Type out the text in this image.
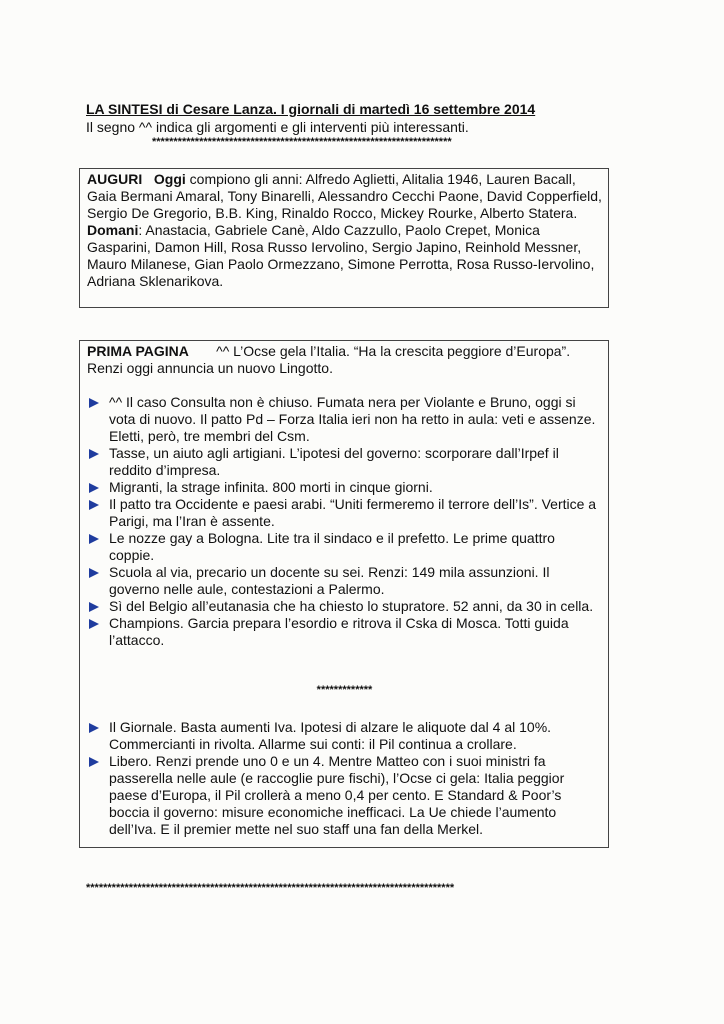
LA SINTESI di Cesare Lanza. I giornali di martedì 16 settembre 2014
Il segno ^^ indica gli argomenti e gli interventi più interessanti.
**********************************************************************

AUGURI Oggi compiono gli anni: Alfredo Aglietti, Alitalia 1946, Lauren Bacall, Gaia Bermani Amaral, Tony Binarelli, Alessandro Cecchi Paone, David Copperfield, Sergio De Gregorio, B.B. King, Rinaldo Rocco, Mickey Rourke, Alberto Statera.

Domani: Anastacia, Gabriele Canè, Aldo Cazzullo, Paolo Crepet, Monica Gasparini, Damon Hill, Rosa Russo Iervolino, Sergio Japino, Reinhold Messner, Mauro Milanese, Gian Paolo Ormezzano, Simone Perrotta, Rosa Russo-Iervolino, Adriana Sklenarikova.

PRIMA PAGINA ^^ L’Ocse gela l’Italia. “Ha la crescita peggiore d’Europa”. Renzi oggi annuncia un nuovo Lingotto.

^^ Il caso Consulta non è chiuso. Fumata nera per Violante e Bruno, oggi si vota di nuovo. Il patto Pd – Forza Italia ieri non ha retto in aula: veti e assenze. Eletti, però, tre membri del Csm.
Tasse, un aiuto agli artigiani. L’ipotesi del governo: scorporare dall’Irpef il reddito d’impresa.
Migranti, la strage infinita. 800 morti in cinque giorni.
Il patto tra Occidente e paesi arabi. “Uniti fermeremo il terrore dell’Is”. Vertice a Parigi, ma l’Iran è assente.
Le nozze gay a Bologna. Lite tra il sindaco e il prefetto. Le prime quattro coppie.
Scuola al via, precario un docente su sei. Renzi: 149 mila assunzioni. Il governo nelle aule, contestazioni a Palermo.
Sì del Belgio all’eutanasia che ha chiesto lo stupratore. 52 anni, da 30 in cella.
Champions. Garcia prepara l’esordio e ritrova il Cska di Mosca. Totti guida l’attacco.
*************
Il Giornale. Basta aumenti Iva. Ipotesi di alzare le aliquote dal 4 al 10%. Commercianti in rivolta. Allarme sui conti: il Pil continua a crollare.
Libero. Renzi prende uno 0 e un 4. Mentre Matteo con i suoi ministri fa passerella nelle aule (e raccoglie pure fischi), l’Ocse ci gela: Italia peggior paese d’Europa, il Pil crollerà a meno 0,4 per cento. E Standard & Poor’s boccia il governo: misure economiche inefficaci. La Ue chiede l’aumento dell’Iva. E il premier mette nel suo staff una fan della Merkel.
**************************************************************************************
